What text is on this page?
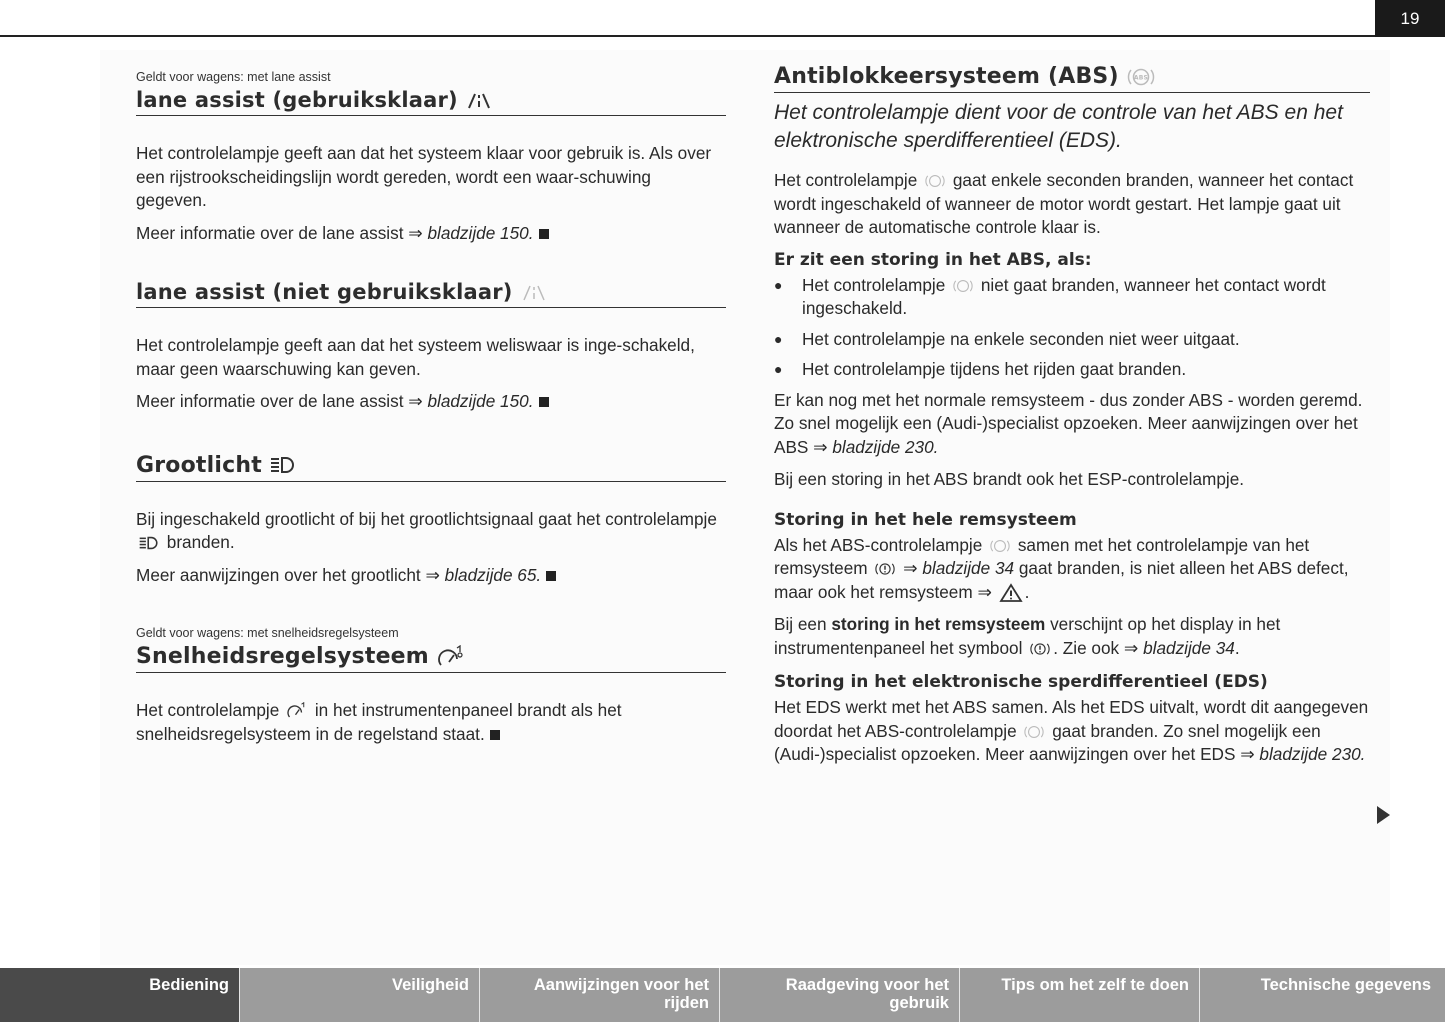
19
Geldt voor wagens: met lane assist
lane assist (gebruiksklaar)

Het controlelampje geeft aan dat het systeem klaar voor gebruik is. Als over een rijstrookscheidingslijn wordt gereden, wordt een waar-schuwing gegeven.

Meer informatie over de lane assist ⇒ bladzijde 150.

lane assist (niet gebruiksklaar)

Het controlelampje geeft aan dat het systeem weliswaar is inge-schakeld, maar geen waarschuwing kan geven.

Meer informatie over de lane assist ⇒ bladzijde 150.

Grootlicht

Bij ingeschakeld grootlicht of bij het grootlichtsignaal gaat het controlelampje  branden.

Meer aanwijzingen over het grootlicht ⇒ bladzijde 65.

Geldt voor wagens: met snelheidsregelsysteem
Snelheidsregelsysteem

Het controlelampje  in het instrumentenpaneel brandt als het snelheidsregelsysteem in de regelstand staat.

Antiblokkeersysteem (ABS) ABS

Het controlelampje dient voor de controle van het ABS en het elektronische sperdifferentieel (EDS).

Het controlelampje  gaat enkele seconden branden, wanneer het contact wordt ingeschakeld of wanneer de motor wordt gestart. Het lampje gaat uit wanneer de automatische controle klaar is.

Er zit een storing in het ABS, als:
●	Het controlelampje  niet gaat branden, wanneer het contact wordt ingeschakeld.
●	Het controlelampje na enkele seconden niet weer uitgaat.
●	Het controlelampje tijdens het rijden gaat branden.

Er kan nog met het normale remsysteem - dus zonder ABS - worden geremd. Zo snel mogelijk een (Audi-)specialist opzoeken. Meer aanwijzingen over het ABS ⇒ bladzijde 230.

Bij een storing in het ABS brandt ook het ESP-controlelampje.

Storing in het hele remsysteem

Als het ABS-controlelampje  samen met het controlelampje van het remsysteem  ⇒ bladzijde 34 gaat branden, is niet alleen het ABS defect, maar ook het remsysteem ⇒ .

Bij een storing in het remsysteem verschijnt op het display in het instrumentenpaneel het symbool . Zie ook ⇒ bladzijde 34.

Storing in het elektronische sperdifferentieel (EDS)

Het EDS werkt met het ABS samen. Als het EDS uitvalt, wordt dit aangegeven doordat het ABS-controlelampje  gaat branden. Zo snel mogelijk een (Audi-)specialist opzoeken. Meer aanwijzingen over het EDS ⇒ bladzijde 230.

Bediening	Veiligheid	Aanwijzingen voor het rijden
Raadgeving voor het gebruik
Tips om het zelf te doen	Technische gegevens
